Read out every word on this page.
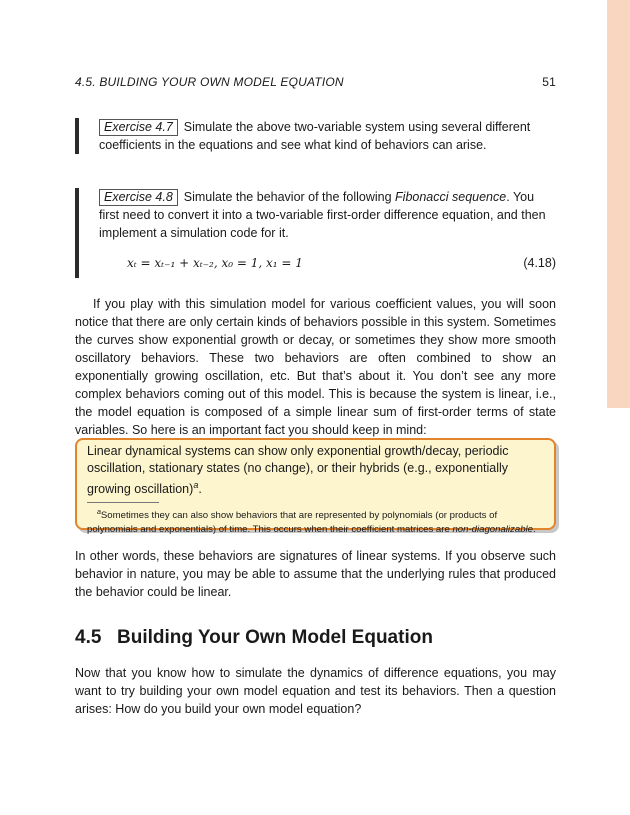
4.5. BUILDING YOUR OWN MODEL EQUATION	51
Exercise 4.7 Simulate the above two-variable system using several different coefficients in the equations and see what kind of behaviors can arise.
Exercise 4.8 Simulate the behavior of the following Fibonacci sequence. You first need to convert it into a two-variable first-order difference equation, and then implement a simulation code for it.
xₜ = xₜ₋₁ + xₜ₋₂, x₀ = 1, x₁ = 1	(4.18)
If you play with this simulation model for various coefficient values, you will soon notice that there are only certain kinds of behaviors possible in this system. Sometimes the curves show exponential growth or decay, or sometimes they show more smooth oscillatory behaviors. These two behaviors are often combined to show an exponentially growing oscillation, etc. But that’s about it. You don’t see any more complex behaviors coming out of this model. This is because the system is linear, i.e., the model equation is composed of a simple linear sum of first-order terms of state variables. So here is an important fact you should keep in mind:
Linear dynamical systems can show only exponential growth/decay, periodic oscillation, stationary states (no change), or their hybrids (e.g., exponentially growing oscillation)$^a$.
$^a$Sometimes they can also show behaviors that are represented by polynomials (or products of polynomials and exponentials) of time. This occurs when their coefficient matrices are non-diagonalizable.
In other words, these behaviors are signatures of linear systems. If you observe such behavior in nature, you may be able to assume that the underlying rules that produced the behavior could be linear.
4.5 Building Your Own Model Equation
Now that you know how to simulate the dynamics of difference equations, you may want to try building your own model equation and test its behaviors. Then a question arises: How do you build your own model equation?
